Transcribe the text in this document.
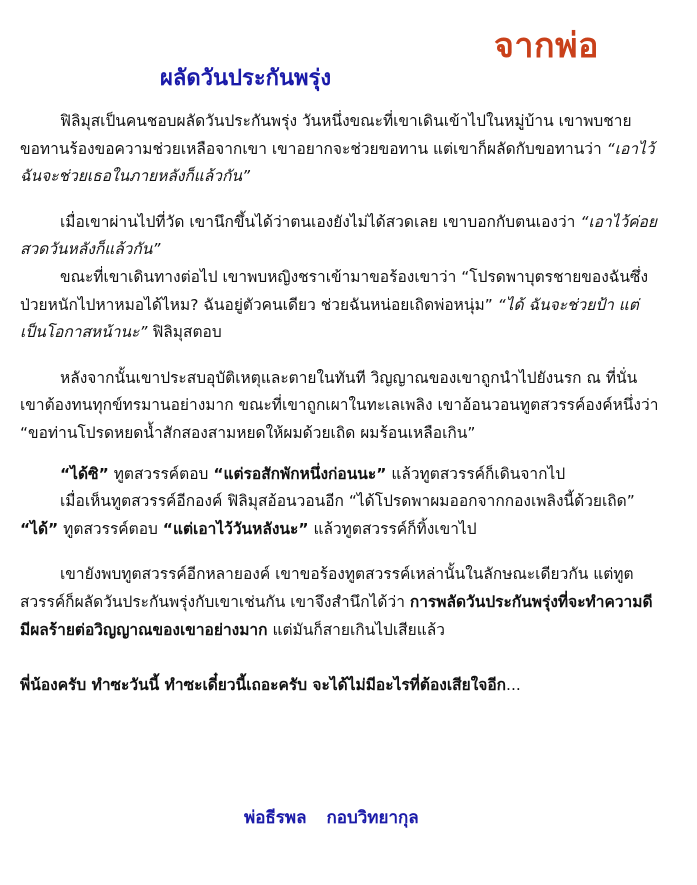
จากพ่อ
ผลัดวันประกันพรุ่ง

ฟิลิมุสเป็นคนชอบผลัดวันประกันพรุ่ง วันหนึ่งขณะที่เขาเดินเข้าไปในหมู่บ้าน เขาพบชายขอทานร้องขอความช่วยเหลือจากเขา เขาอยากจะช่วยขอทาน แต่เขาก็ผลัดกับขอทานว่า “เอาไว้ฉันจะช่วยเธอในภายหลังก็แล้วกัน”

เมื่อเขาผ่านไปที่วัด เขานึกขึ้นได้ว่าตนเองยังไม่ได้สวดเลย เขาบอกกับตนเองว่า “เอาไว้ค่อยสวดวันหลังก็แล้วกัน”

ขณะที่เขาเดินทางต่อไป เขาพบหญิงชราเข้ามาขอร้องเขาว่า “โปรดพาบุตรชายของฉันซึ่งป่วยหนักไปหาหมอได้ไหม? ฉันอยู่ตัวคนเดียว ช่วยฉันหน่อยเถิดพ่อหนุ่ม” “ได้ ฉันจะช่วยป้า แต่เป็นโอกาสหน้านะ” ฟิลิมุสตอบ

หลังจากนั้นเขาประสบอุบัติเหตุและตายในทันที วิญญาณของเขาถูกนำไปยังนรก ณ ที่นั่นเขาต้องทนทุกข์ทรมานอย่างมาก ขณะที่เขาถูกเผาในทะเลเพลิง เขาอ้อนวอนทูตสวรรค์องค์หนึ่งว่า “ขอท่านโปรดหยดน้ำสักสองสามหยดให้ผมด้วยเถิด ผมร้อนเหลือเกิน”

“ได้ซิ” ทูตสวรรค์ตอบ “แต่รอสักพักหนึ่งก่อนนะ” แล้วทูตสวรรค์ก็เดินจากไป

เมื่อเห็นทูตสวรรค์อีกองค์ ฟิลิมุสอ้อนวอนอีก “ได้โปรดพาผมออกจากกองเพลิงนี้ด้วยเถิด”

“ได้” ทูตสวรรค์ตอบ “แต่เอาไว้วันหลังนะ” แล้วทูตสวรรค์ก็ทิ้งเขาไป

เขายังพบทูตสวรรค์อีกหลายองค์ เขาขอร้องทูตสวรรค์เหล่านั้นในลักษณะเดียวกัน แต่ทูตสวรรค์ก็ผลัดวันประกันพรุ่งกับเขาเช่นกัน เขาจึงสำนึกได้ว่า การพลัดวันประกันพรุ่งที่จะทำความดี มีผลร้ายต่อวิญญาณของเขาอย่างมาก แต่มันก็สายเกินไปเสียแล้ว

พี่น้องครับ ทำซะวันนี้ ทำซะเดี๋ยวนี้เถอะครับ จะได้ไม่มีอะไรที่ต้องเสียใจอีก...

พ่อธีรพล กอบวิทยากุล
